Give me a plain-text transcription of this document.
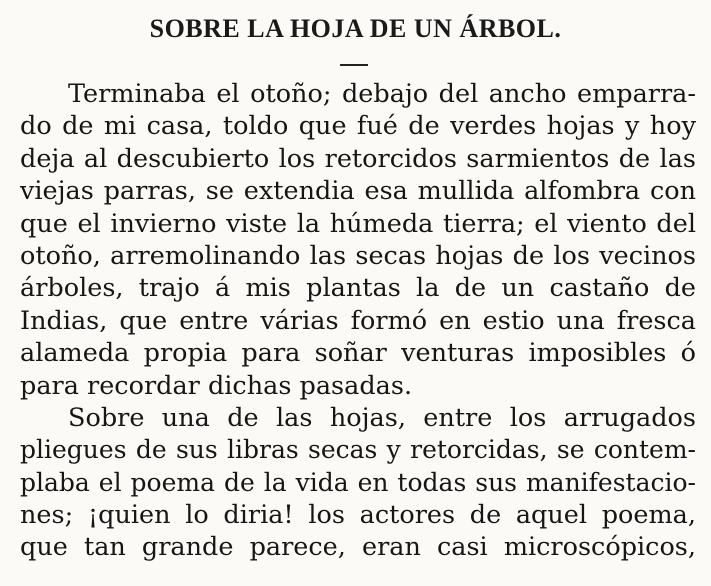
SOBRE LA HOJA DE UN ÁRBOL.
Terminaba el otoño; debajo del ancho emparra-
do de mi casa, toldo que fué de verdes hojas y hoy
deja al descubierto los retorcidos sarmientos de las
viejas parras, se extendia esa mullida alfombra con
que el invierno viste la húmeda tierra; el viento del
otoño, arremolinando las secas hojas de los vecinos
árboles, trajo á mis plantas la de un castaño de
Indias, que entre várias formó en estio una fresca
alameda propia para soñar venturas imposibles ó
para recordar dichas pasadas.
Sobre una de las hojas, entre los arrugados
pliegues de sus libras secas y retorcidas, se contem-
plaba el poema de la vida en todas sus manifestacio-
nes; ¡quien lo diria! los actores de aquel poema,
que tan grande parece, eran casi microscópicos,
